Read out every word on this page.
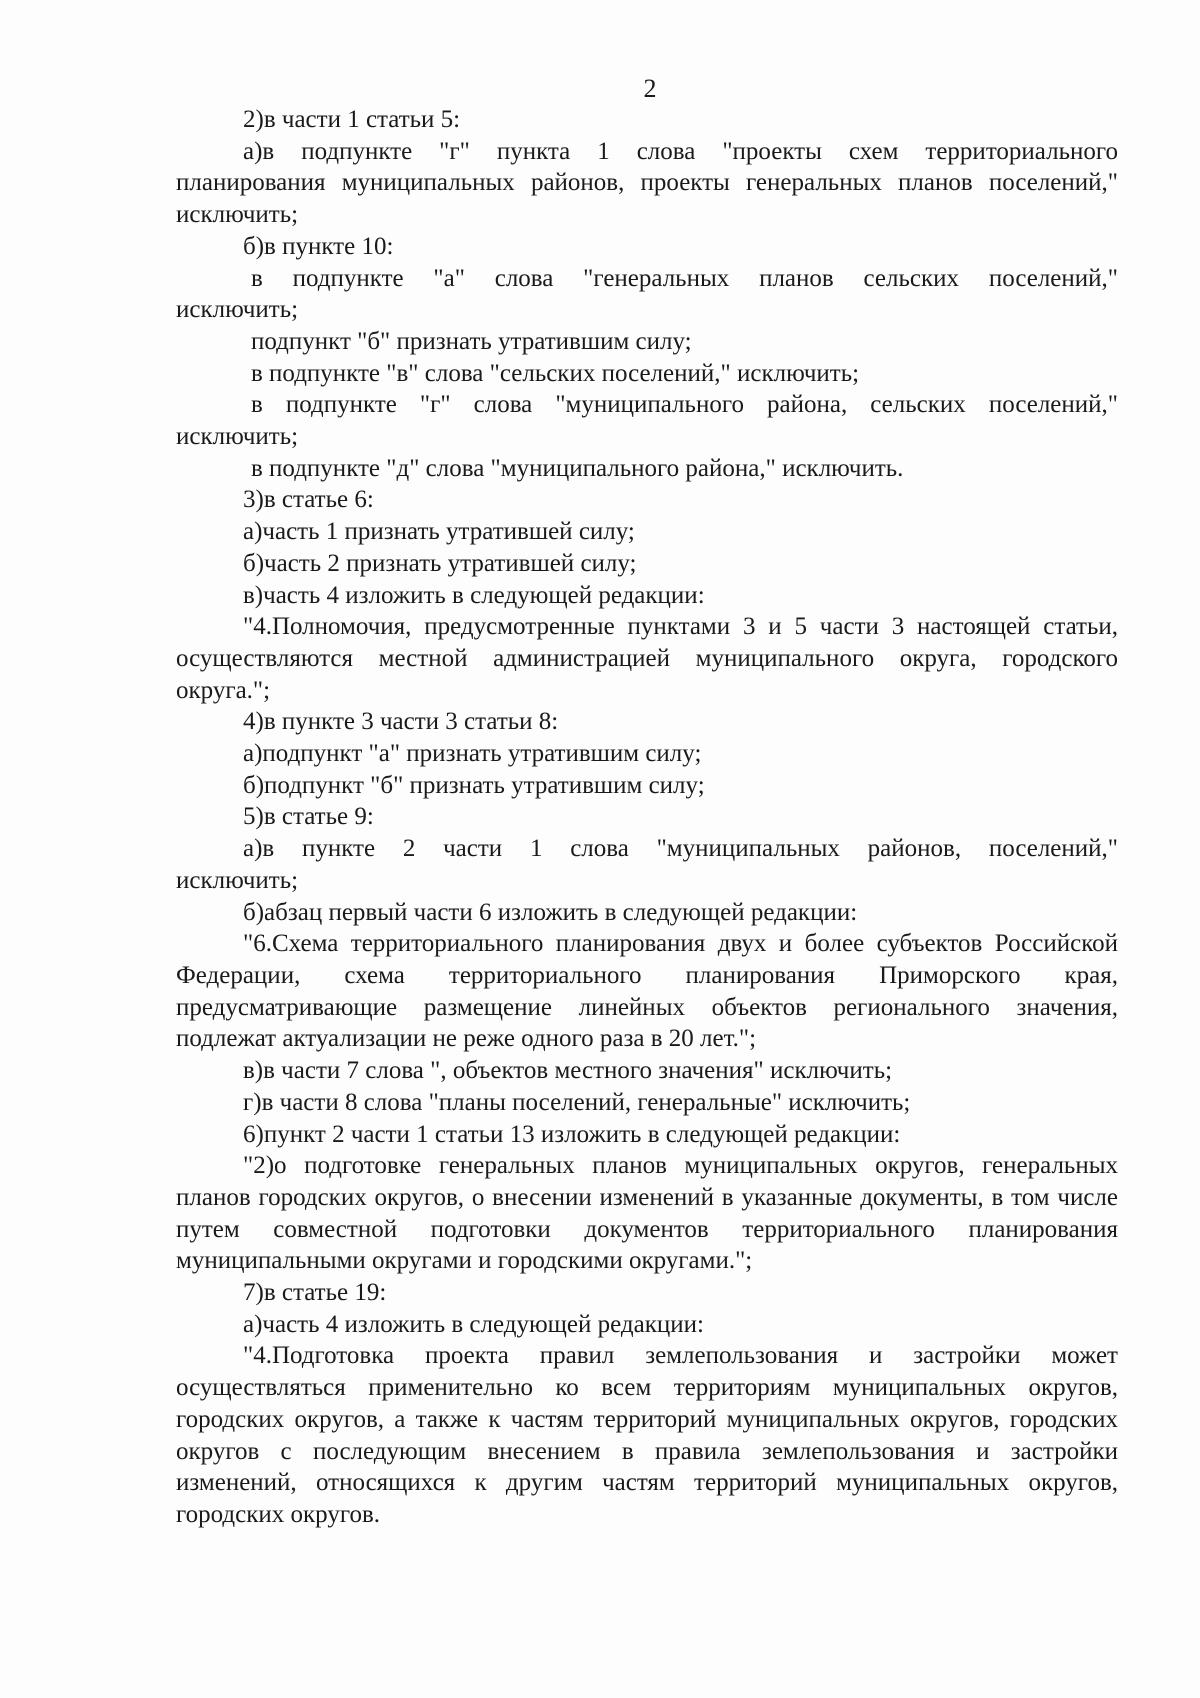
2

2)в части 1 статьи 5:

а)в подпункте "г" пункта 1 слова "проекты схем территориального планирования муниципальных районов, проекты генеральных планов поселений," исключить;

б)в пункте 10:

в подпункте "а" слова "генеральных планов сельских поселений," исключить;

подпункт "б" признать утратившим силу;

в подпункте "в" слова "сельских поселений," исключить;

в подпункте "г" слова "муниципального района, сельских поселений," исключить;

в подпункте "д" слова "муниципального района," исключить.

3)в статье 6:

а)часть 1 признать утратившей силу;

б)часть 2 признать утратившей силу;

в)часть 4 изложить в следующей редакции:

"4.Полномочия, предусмотренные пунктами 3 и 5 части 3 настоящей статьи, осуществляются местной администрацией муниципального округа, городского округа.";

4)в пункте 3 части 3 статьи 8:

а)подпункт "а" признать утратившим силу;

б)подпункт "б" признать утратившим силу;

5)в статье 9:

а)в пункте 2 части 1 слова "муниципальных районов, поселений," исключить;

б)абзац первый части 6 изложить в следующей редакции:

"6.Схема территориального планирования двух и более субъектов Российской Федерации, схема территориального планирования Приморского края, предусматривающие размещение линейных объектов регионального значения, подлежат актуализации не реже одного раза в 20 лет.";

в)в части 7 слова ", объектов местного значения" исключить;

г)в части 8 слова "планы поселений, генеральные" исключить;

6)пункт 2 части 1 статьи 13 изложить в следующей редакции:

"2)о подготовке генеральных планов муниципальных округов, генеральных планов городских округов, о внесении изменений в указанные документы, в том числе путем совместной подготовки документов территориального планирования муниципальными округами и городскими округами.";

7)в статье 19:

а)часть 4 изложить в следующей редакции:

"4.Подготовка проекта правил землепользования и застройки может осуществляться применительно ко всем территориям муниципальных округов, городских округов, а также к частям территорий муниципальных округов, городских округов с последующим внесением в правила землепользования и застройки изменений, относящихся к другим частям территорий муниципальных округов, городских округов.
